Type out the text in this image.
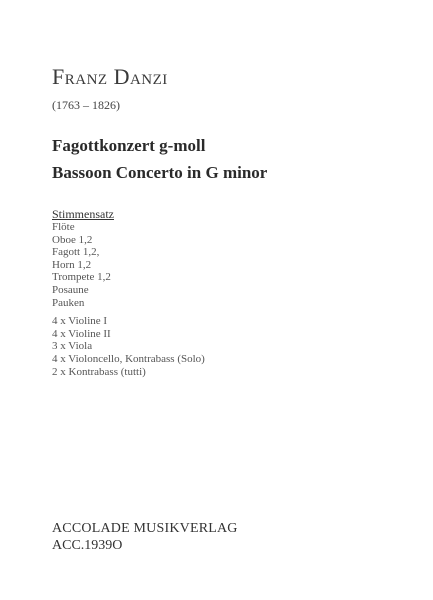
Franz Danzi
(1763 – 1826)
Fagottkonzert g-moll
Bassoon Concerto in G minor
Stimmensatz
Flöte
Oboe 1,2
Fagott 1,2,
Horn 1,2
Trompete 1,2
Posaune
Pauken
4 x Violine I
4 x Violine II
3 x Viola
4 x Violoncello, Kontrabass (Solo)
2 x Kontrabass (tutti)
ACCOLADE MUSIKVERLAG
ACC.1939O
